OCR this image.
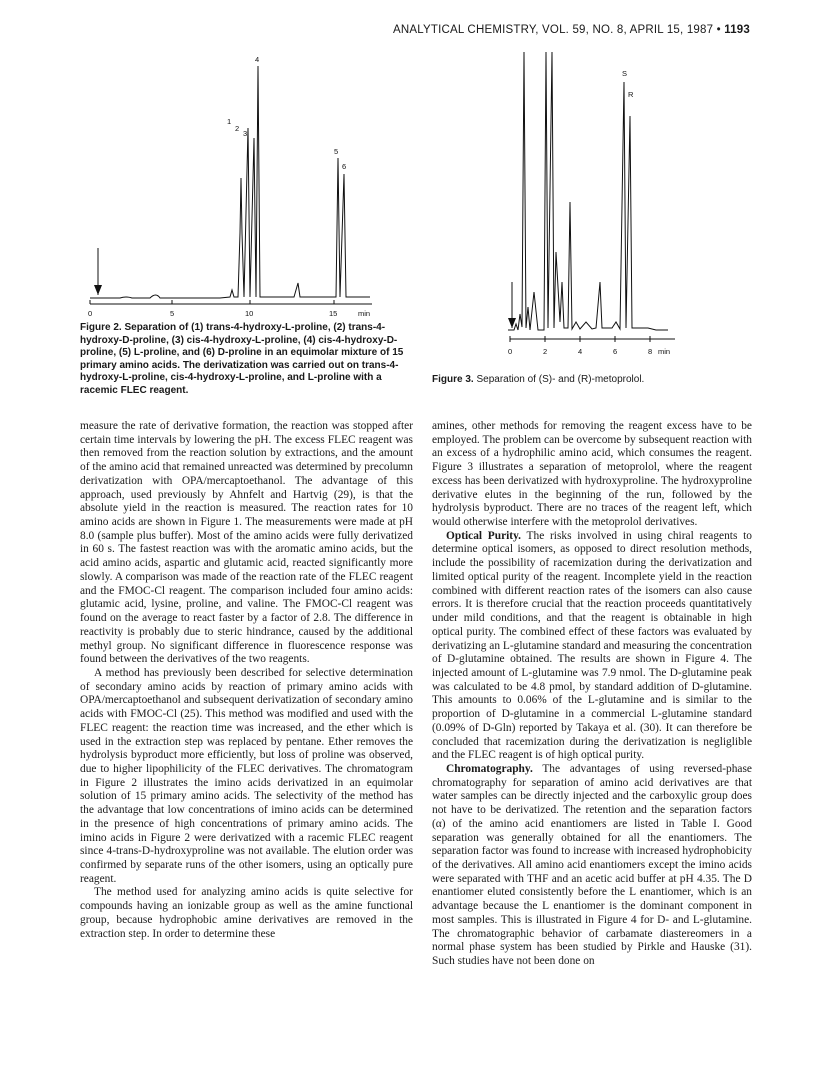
ANALYTICAL CHEMISTRY, VOL. 59, NO. 8, APRIL 15, 1987 • 1193
0	5	10	15	min
1
2
3
4
5
6
Figure 2. Separation of (1) trans-4-hydroxy-L-proline, (2) trans-4-hydroxy-D-proline, (3) cis-4-hydroxy-L-proline, (4) cis-4-hydroxy-D-proline, (5) L-proline, and (6) D-proline in an equimolar mixture of 15 primary amino acids. The derivatization was carried out on trans-4-hydroxy-L-proline, cis-4-hydroxy-L-proline, and L-proline with a racemic FLEC reagent.
0	2	4	6	8 min
S
R
Figure 3. Separation of (S)- and (R)-metoprolol.

measure the rate of derivative formation, the reaction was stopped after certain time intervals by lowering the pH. The excess FLEC reagent was then removed from the reaction solution by extractions, and the amount of the amino acid that remained unreacted was determined by precolumn derivatization with OPA/mercaptoethanol. The advantage of this approach, used previously by Ahnfelt and Hartvig (29), is that the absolute yield in the reaction is measured. The reaction rates for 10 amino acids are shown in Figure 1. The measurements were made at pH 8.0 (sample plus buffer). Most of the amino acids were fully derivatized in 60 s. The fastest reaction was with the aromatic amino acids, but the acid amino acids, aspartic and glutamic acid, reacted significantly more slowly. A comparison was made of the reaction rate of the FLEC reagent and the FMOC-Cl reagent. The comparison included four amino acids: glutamic acid, lysine, proline, and valine. The FMOC-Cl reagent was found on the average to react faster by a factor of 2.8. The difference in reactivity is probably due to steric hindrance, caused by the additional methyl group. No significant difference in fluorescence response was found between the derivatives of the two reagents.

A method has previously been described for selective determination of secondary amino acids by reaction of primary amino acids with OPA/mercaptoethanol and subsequent derivatization of secondary amino acids with FMOC-Cl (25). This method was modified and used with the FLEC reagent: the reaction time was increased, and the ether which is used in the extraction step was replaced by pentane. Ether removes the hydrolysis byproduct more efficiently, but loss of proline was observed, due to higher lipophilicity of the FLEC derivatives. The chromatogram in Figure 2 illustrates the imino acids derivatized in an equimolar solution of 15 primary amino acids. The selectivity of the method has the advantage that low concentrations of imino acids can be determined in the presence of high concentrations of primary amino acids. The imino acids in Figure 2 were derivatized with a racemic FLEC reagent since 4-trans-D-hydroxyproline was not available. The elution order was confirmed by separate runs of the other isomers, using an optically pure reagent.

The method used for analyzing amino acids is quite selective for compounds having an ionizable group as well as the amine functional group, because hydrophobic amine derivatives are removed in the extraction step. In order to determine these

amines, other methods for removing the reagent excess have to be employed. The problem can be overcome by subsequent reaction with an excess of a hydrophilic amino acid, which consumes the reagent. Figure 3 illustrates a separation of metoprolol, where the reagent excess has been derivatized with hydroxyproline. The hydroxyproline derivative elutes in the beginning of the run, followed by the hydrolysis byproduct. There are no traces of the reagent left, which would otherwise interfere with the metoprolol derivatives.

Optical Purity. The risks involved in using chiral reagents to determine optical isomers, as opposed to direct resolution methods, include the possibility of racemization during the derivatization and limited optical purity of the reagent. Incomplete yield in the reaction combined with different reaction rates of the isomers can also cause errors. It is therefore crucial that the reaction proceeds quantitatively under mild conditions, and that the reagent is obtainable in high optical purity. The combined effect of these factors was evaluated by derivatizing an L-glutamine standard and measuring the concentration of D-glutamine obtained. The results are shown in Figure 4. The injected amount of L-glutamine was 7.9 nmol. The D-glutamine peak was calculated to be 4.8 pmol, by standard addition of D-glutamine. This amounts to 0.06% of the L-glutamine and is similar to the proportion of D-glutamine in a commercial L-glutamine standard (0.09% of D-Gln) reported by Takaya et al. (30). It can therefore be concluded that racemization during the derivatization is negliglible and the FLEC reagent is of high optical purity.

Chromatography. The advantages of using reversed-phase chromatography for separation of amino acid derivatives are that water samples can be directly injected and the carboxylic group does not have to be derivatized. The retention and the separation factors (α) of the amino acid enantiomers are listed in Table I. Good separation was generally obtained for all the enantiomers. The separation factor was found to increase with increased hydrophobicity of the derivatives. All amino acid enantiomers except the imino acids were separated with THF and an acetic acid buffer at pH 4.35. The D enantiomer eluted consistently before the L enantiomer, which is an advantage because the L enantiomer is the dominant component in most samples. This is illustrated in Figure 4 for D- and L-glutamine. The chromatographic behavior of carbamate diastereomers in a normal phase system has been studied by Pirkle and Hauske (31). Such studies have not been done on
